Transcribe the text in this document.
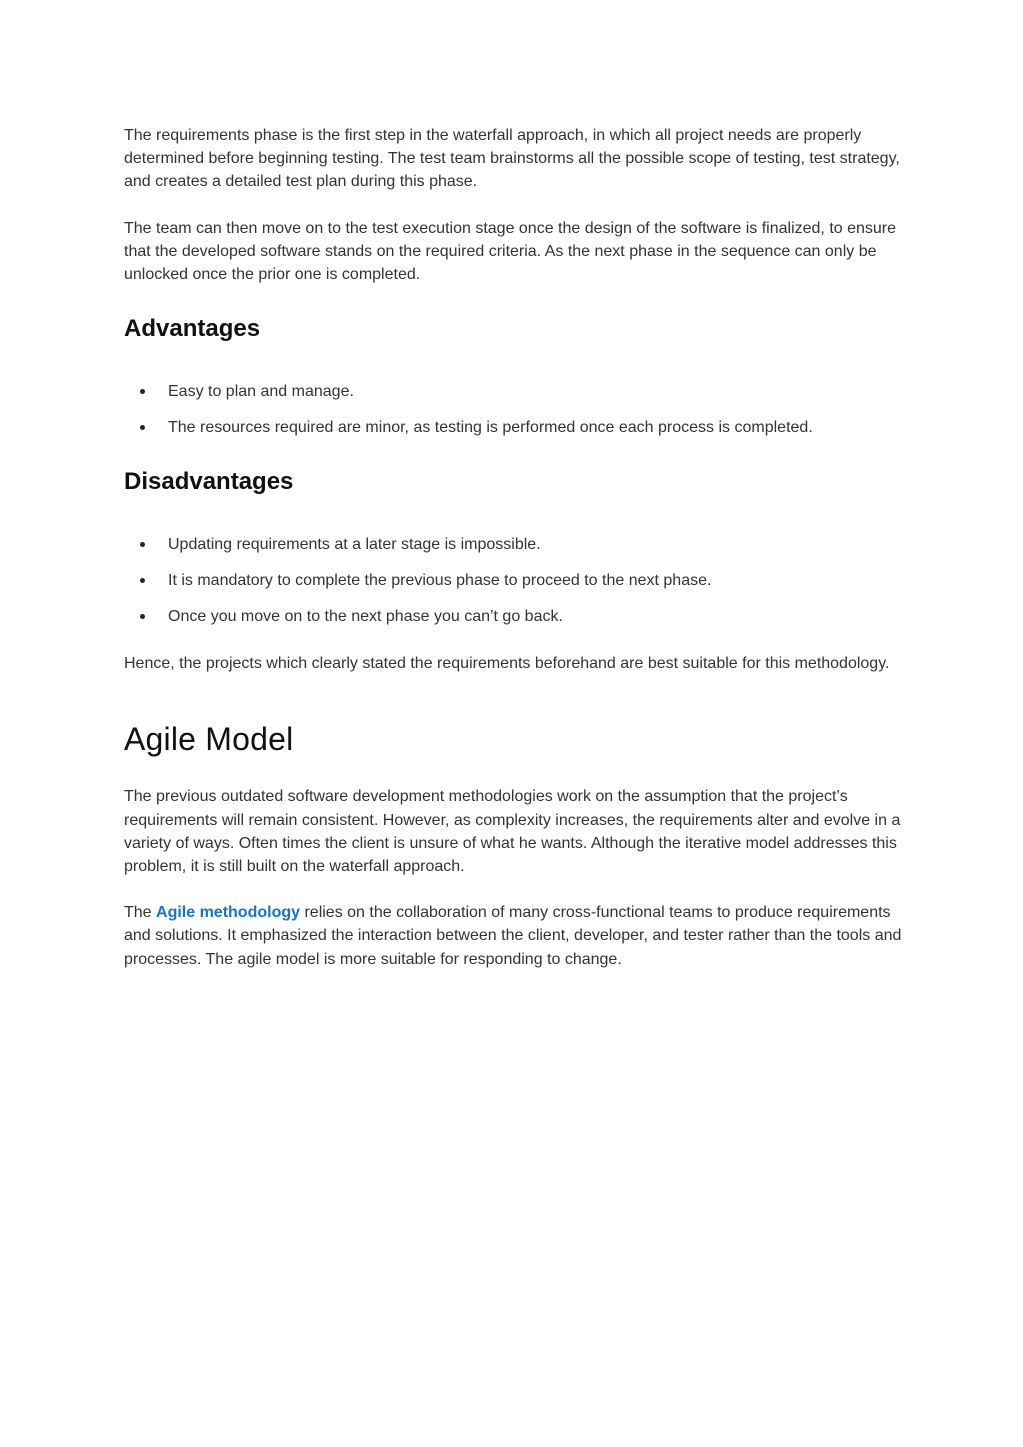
The requirements phase is the first step in the waterfall approach, in which all project needs are properly determined before beginning testing. The test team brainstorms all the possible scope of testing, test strategy, and creates a detailed test plan during this phase.

The team can then move on to the test execution stage once the design of the software is finalized, to ensure that the developed software stands on the required criteria. As the next phase in the sequence can only be unlocked once the prior one is completed.

Advantages
Easy to plan and manage.
The resources required are minor, as testing is performed once each process is completed.
Disadvantages
Updating requirements at a later stage is impossible.
It is mandatory to complete the previous phase to proceed to the next phase.
Once you move on to the next phase you can’t go back.

Hence, the projects which clearly stated the requirements beforehand are best suitable for this methodology.

Agile Model

The previous outdated software development methodologies work on the assumption that the project’s requirements will remain consistent. However, as complexity increases, the requirements alter and evolve in a variety of ways. Often times the client is unsure of what he wants. Although the iterative model addresses this problem, it is still built on the waterfall approach.

The Agile methodology relies on the collaboration of many cross-functional teams to produce requirements and solutions. It emphasized the interaction between the client, developer, and tester rather than the tools and processes. The agile model is more suitable for responding to change.
